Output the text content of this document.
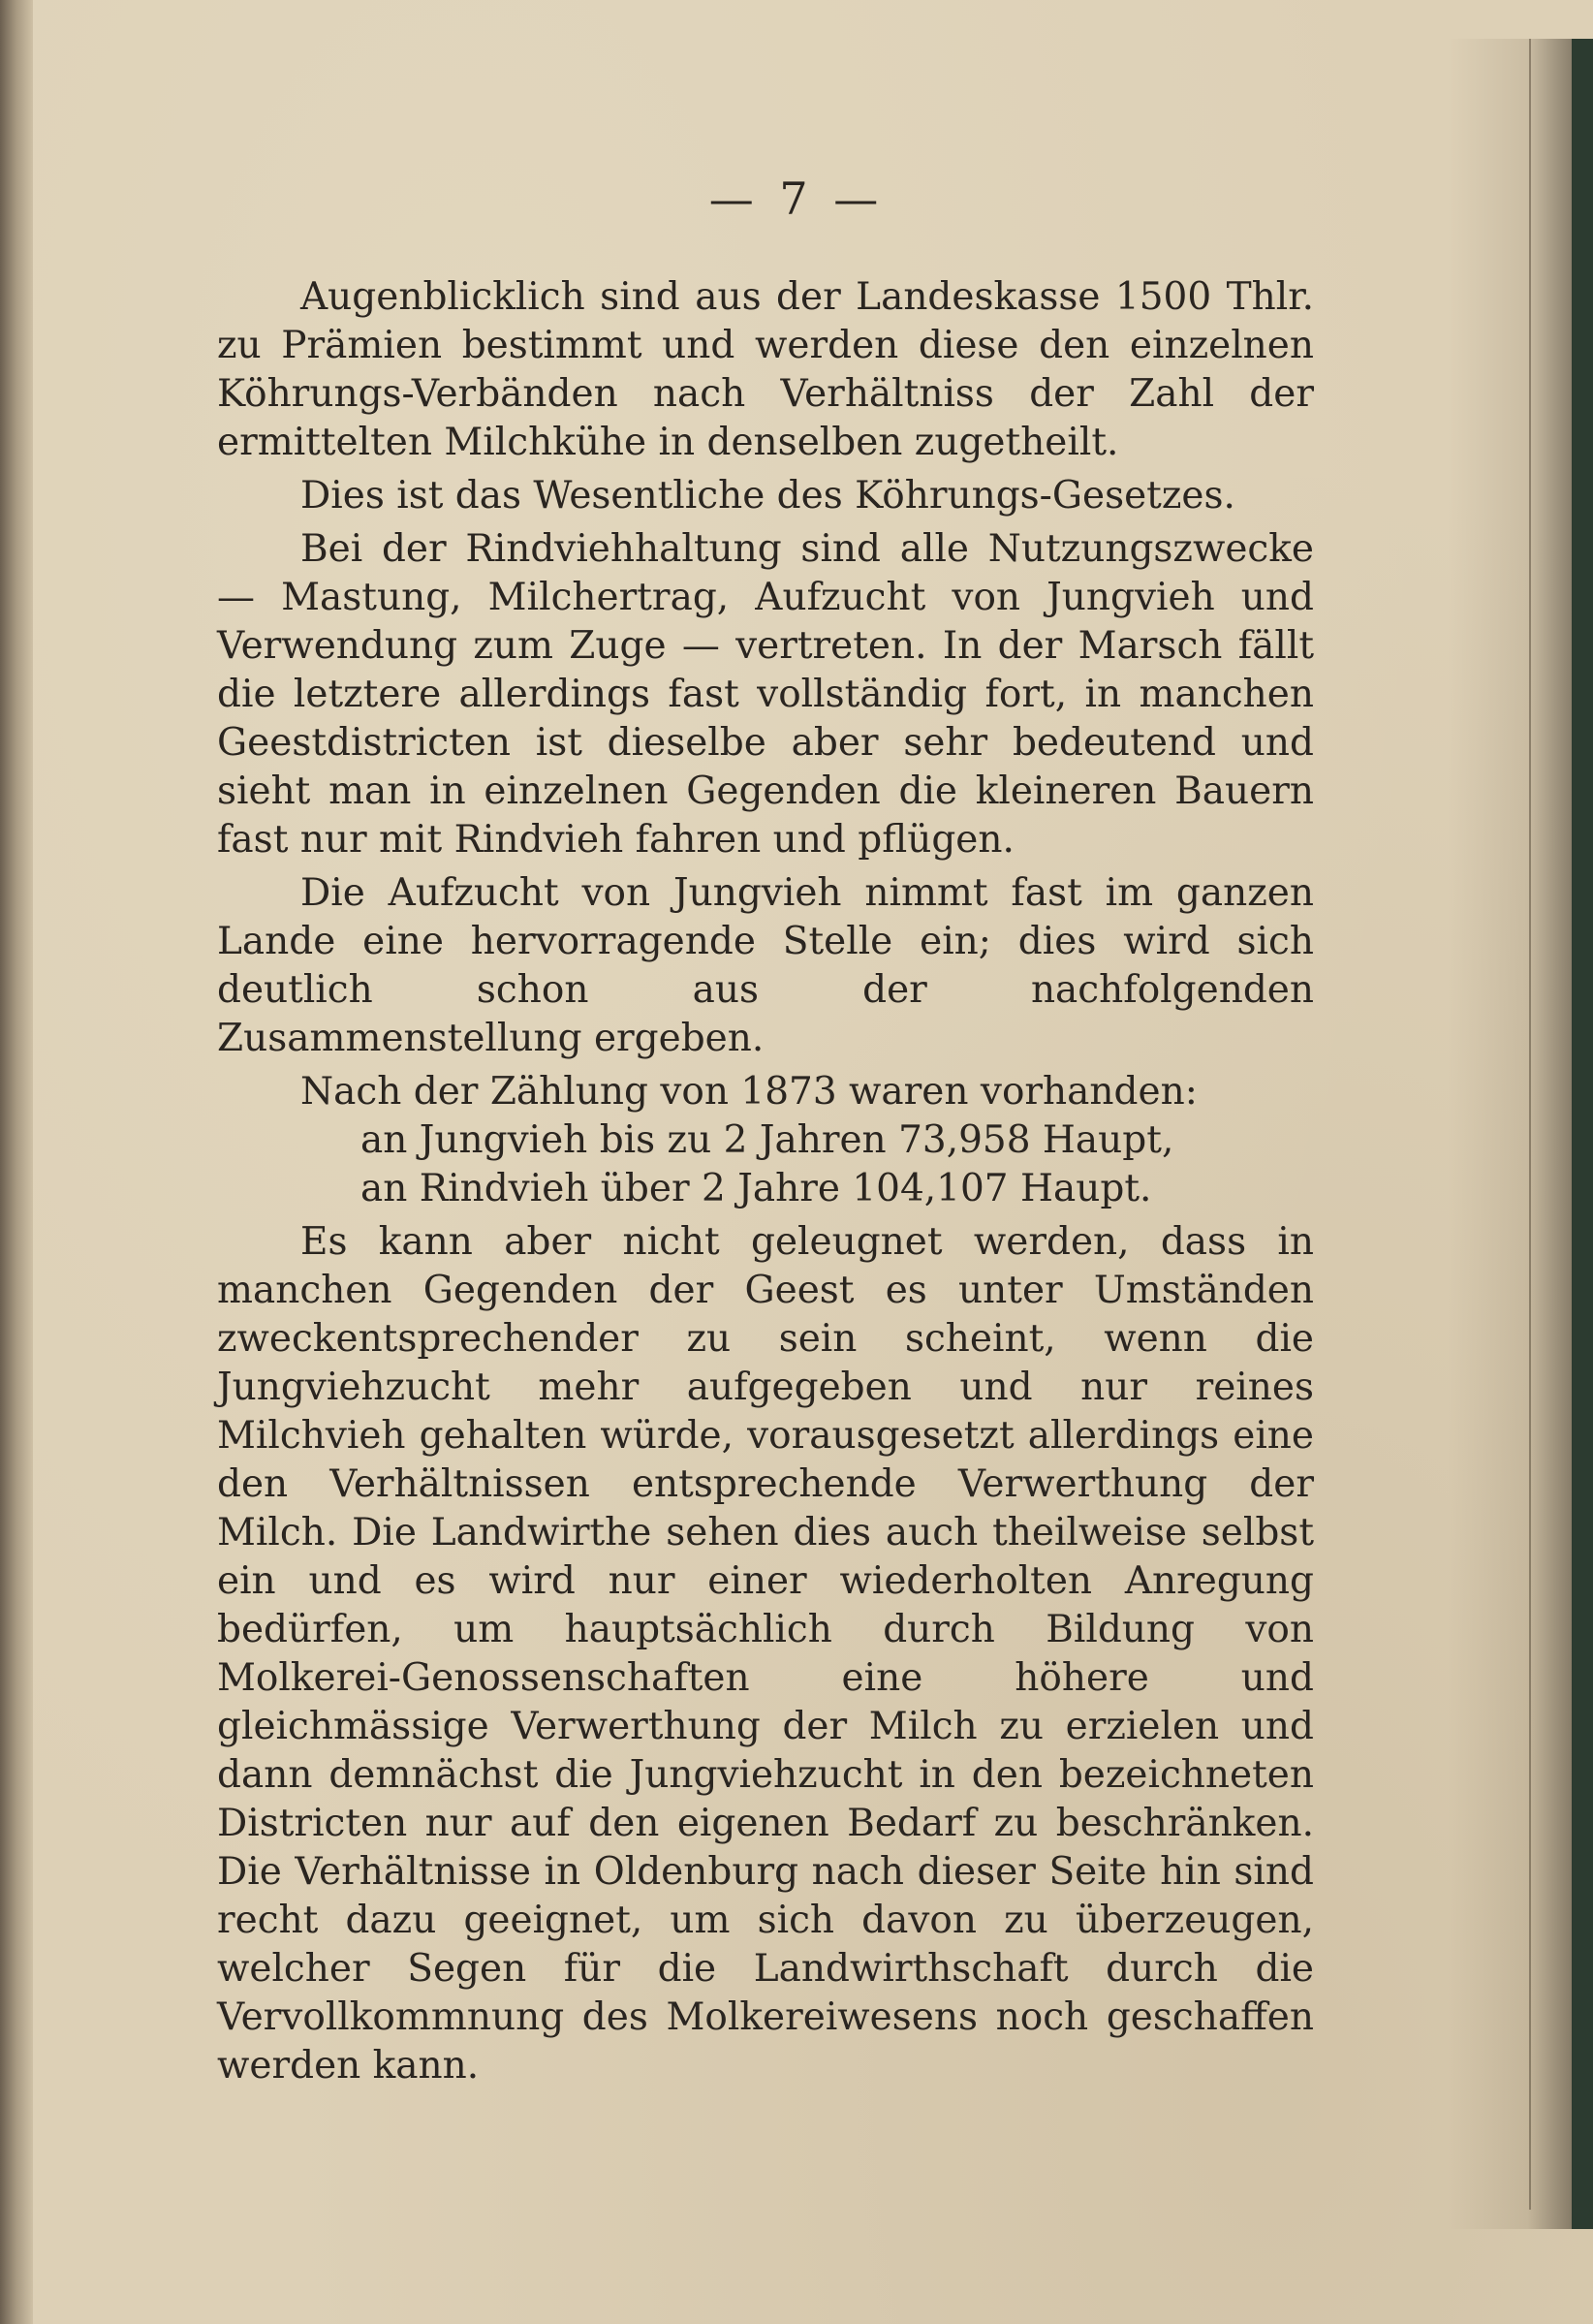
— 7 —

Augenblicklich sind aus der Landeskasse 1500 Thlr. zu Prämien bestimmt und werden diese den einzelnen Köhrungs-Verbänden nach Verhältniss der Zahl der ermittelten Milchkühe in denselben zugetheilt.

Dies ist das Wesentliche des Köhrungs-Gesetzes.

Bei der Rindviehhaltung sind alle Nutzungszwecke — Mastung, Milchertrag, Aufzucht von Jungvieh und Verwendung zum Zuge — vertreten. In der Marsch fällt die letztere allerdings fast vollständig fort, in manchen Geestdistricten ist dieselbe aber sehr bedeutend und sieht man in einzelnen Gegenden die kleineren Bauern fast nur mit Rindvieh fahren und pflügen.

Die Aufzucht von Jungvieh nimmt fast im ganzen Lande eine hervorragende Stelle ein; dies wird sich deutlich schon aus der nachfolgenden Zusammenstellung ergeben.

Nach der Zählung von 1873 waren vorhanden:

an Jungvieh bis zu 2 Jahren 73,958 Haupt,

an Rindvieh über 2 Jahre 104,107 Haupt.

Es kann aber nicht geleugnet werden, dass in manchen Gegenden der Geest es unter Umständen zweckentsprechender zu sein scheint, wenn die Jungviehzucht mehr aufgegeben und nur reines Milchvieh gehalten würde, vorausgesetzt allerdings eine den Verhältnissen entsprechende Verwerthung der Milch. Die Landwirthe sehen dies auch theilweise selbst ein und es wird nur einer wiederholten Anregung bedürfen, um hauptsächlich durch Bildung von Molkerei-Genossenschaften eine höhere und gleichmässige Verwerthung der Milch zu erzielen und dann demnächst die Jungviehzucht in den bezeichneten Districten nur auf den eigenen Bedarf zu beschränken. Die Verhältnisse in Oldenburg nach dieser Seite hin sind recht dazu geeignet, um sich davon zu überzeugen, welcher Segen für die Landwirthschaft durch die Vervollkommnung des Molkereiwesens noch geschaffen werden kann.
